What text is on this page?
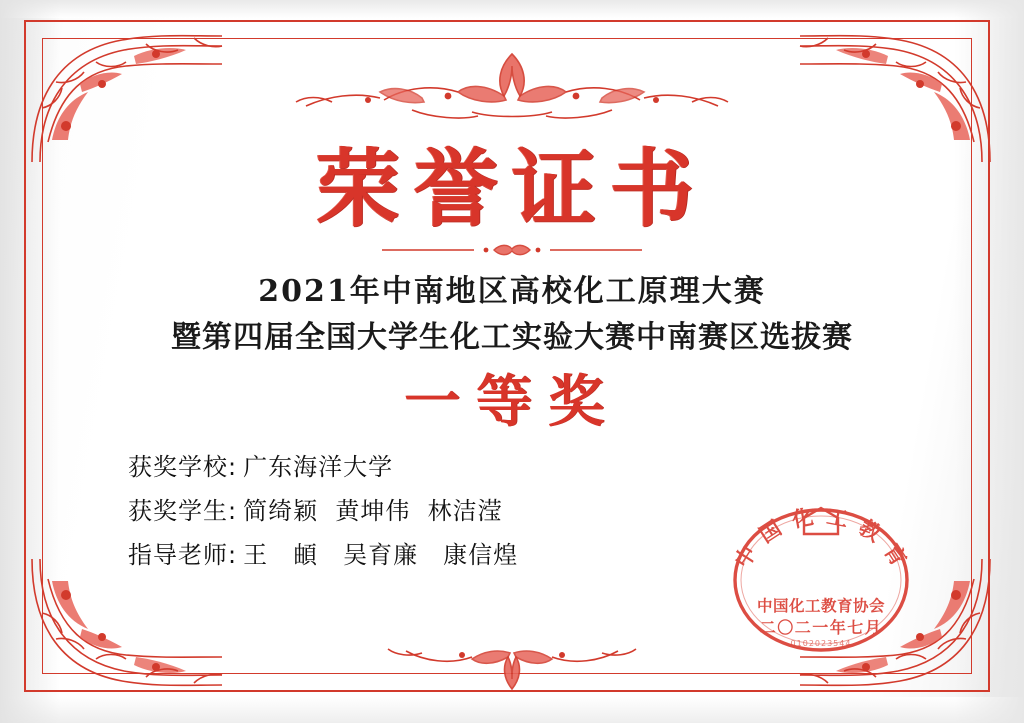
荣誉证书
2021年中南地区高校化工原理大赛
暨第四届全国大学生化工实验大赛中南赛区选拔赛
一等奖
获奖学校: 广东海洋大学
获奖学生: 简绮颖  黄坤伟  林洁滢
指导老师: 王　頔　吴育廉　康信煌	中 国 化 工 教 育
中国化工教育协会
二〇二一年七月
0102023544
